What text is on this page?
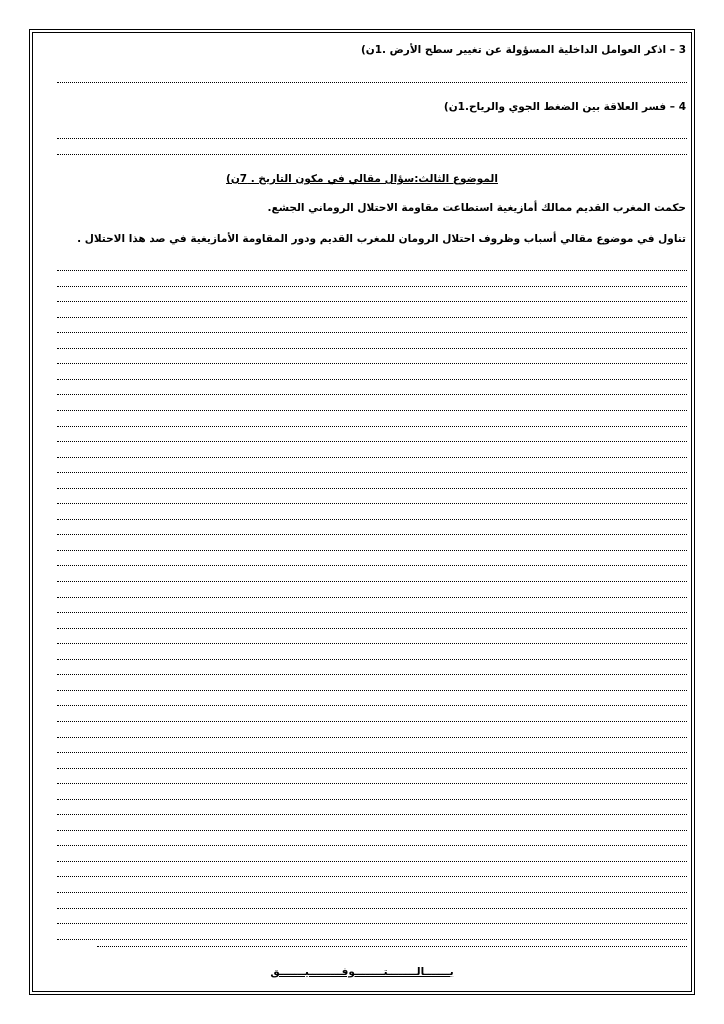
3 – اذكر العوامل الداخلية المسؤولة عن تغيير سطح الأرض .1ن)
4 – فسر العلاقة بين الضغط الجوي والرياح.1ن)
الموضوع الثالث:سؤال مقالي في مكون التاريخ . 7ن)
حكمت المغرب القديم ممالك أمازيغية استطاعت مقاومة الاحتلال الروماني الجشع.
تناول في موضوع مقالي أسباب وظروف احتلال الرومان للمغرب القديم ودور المقاومة الأمازيغية في صد هذا الاحتلال .
بـــــــالــــــــتــــــــوفـــــــــيـــــــق
